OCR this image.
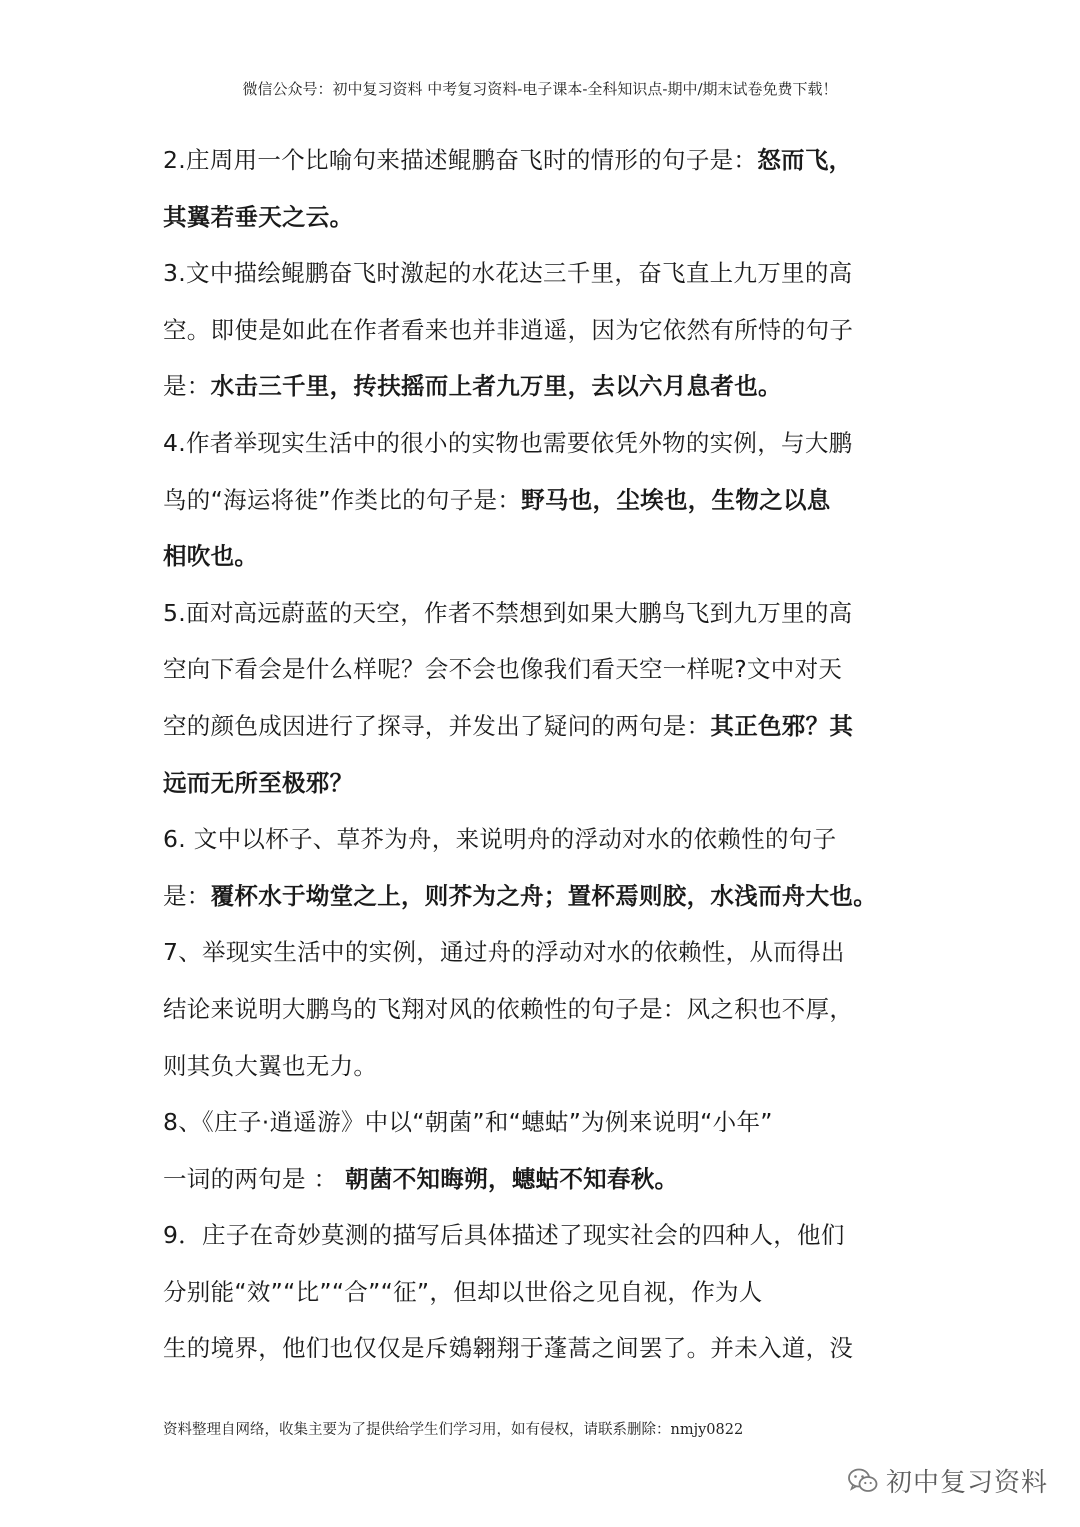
微信公众号：初中复习资料 中考复习资料-电子课本-全科知识点-期中/期末试卷免费下载！
2.庄周用一个比喻句来描述鲲鹏奋飞时的情形的句子是：怒而飞，
其翼若垂天之云。
3.文中描绘鲲鹏奋飞时激起的水花达三千里，奋飞直上九万里的高
空。即使是如此在作者看来也并非逍遥，因为它依然有所恃的句子
是：水击三千里，抟扶摇而上者九万里，去以六月息者也。
4.作者举现实生活中的很小的实物也需要依凭外物的实例，与大鹏
鸟的“海运将徙”作类比的句子是：野马也，尘埃也，生物之以息
相吹也。
5.面对高远蔚蓝的天空，作者不禁想到如果大鹏鸟飞到九万里的高
空向下看会是什么样呢？会不会也像我们看天空一样呢?文中对天
空的颜色成因进行了探寻，并发出了疑问的两句是：其正色邪？其
远而无所至极邪？
6. 文中以杯子、草芥为舟，来说明舟的浮动对水的依赖性的句子
是：覆杯水于坳堂之上，则芥为之舟；置杯焉则胶，水浅而舟大也。
7、举现实生活中的实例，通过舟的浮动对水的依赖性，从而得出
结论来说明大鹏鸟的飞翔对风的依赖性的句子是：风之积也不厚，
则其负大翼也无力。
8、《庄子·逍遥游》中以“朝菌”和“蟪蛄”为例来说明“小年”
一词的两句是 ： 朝菌不知晦朔，蟪蛄不知春秋。
9．庄子在奇妙莫测的描写后具体描述了现实社会的四种人，他们
分别能“效”“比”“合”“征”，但却以世俗之见自视，作为人
生的境界，他们也仅仅是斥鴳翱翔于蓬蒿之间罢了。并未入道，没
资料整理自网络，收集主要为了提供给学生们学习用，如有侵权，请联系删除：nmjy0822
初中复习资料
